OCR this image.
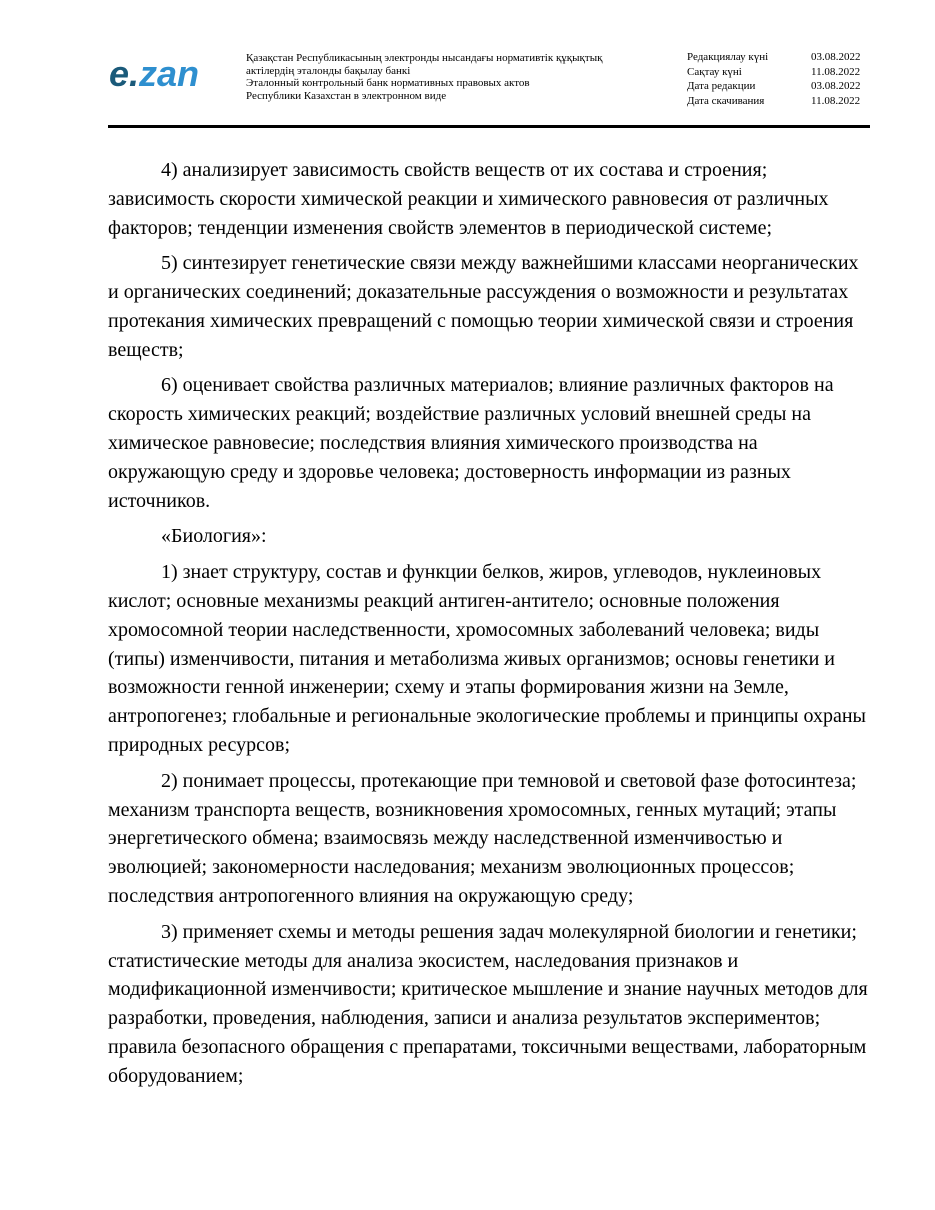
e.zan	Қазақстан Республикасының электронды нысандағы нормативтік құқықтық
актілердің эталонды бақылау банкі
Эталонный контрольный банк нормативных правовых актов
Республики Казахстан в электронном виде
Редакциялау күні	03.08.2022
Сақтау күні	11.08.2022
Дата редакции	03.08.2022
Дата скачивания	11.08.2022

4) анализирует зависимость свойств веществ от их состава и строения; зависимость скорости химической реакции и химического равновесия от различных факторов; тенденции изменения свойств элементов в периодической системе;

5) синтезирует генетические связи между важнейшими классами неорганических и органических соединений; доказательные рассуждения о возможности и результатах протекания химических превращений с помощью теории химической связи и строения веществ;

6) оценивает свойства различных материалов; влияние различных факторов на скорость химических реакций; воздействие различных условий внешней среды на химическое равновесие; последствия влияния химического производства на окружающую среду и здоровье человека; достоверность информации из разных источников.

«Биология»:

1) знает структуру, состав и функции белков, жиров, углеводов, нуклеиновых кислот; основные механизмы реакций антиген-антитело; основные положения хромосомной теории наследственности, хромосомных заболеваний человека; виды (типы) изменчивости, питания и метаболизма живых организмов; основы генетики и возможности генной инженерии; схему и этапы формирования жизни на Земле, антропогенез; глобальные и региональные экологические проблемы и принципы охраны природных ресурсов;

2) понимает процессы, протекающие при темновой и световой фазе фотосинтеза; механизм транспорта веществ, возникновения хромосомных, генных мутаций; этапы энергетического обмена; взаимосвязь между наследственной изменчивостью и эволюцией; закономерности наследования; механизм эволюционных процессов; последствия антропогенного влияния на окружающую среду;

3) применяет схемы и методы решения задач молекулярной биологии и генетики; статистические методы для анализа экосистем, наследования признаков и модификационной изменчивости; критическое мышление и знание научных методов для разработки, проведения, наблюдения, записи и анализа результатов экспериментов; правила безопасного обращения с препаратами, токсичными веществами, лабораторным оборудованием;
